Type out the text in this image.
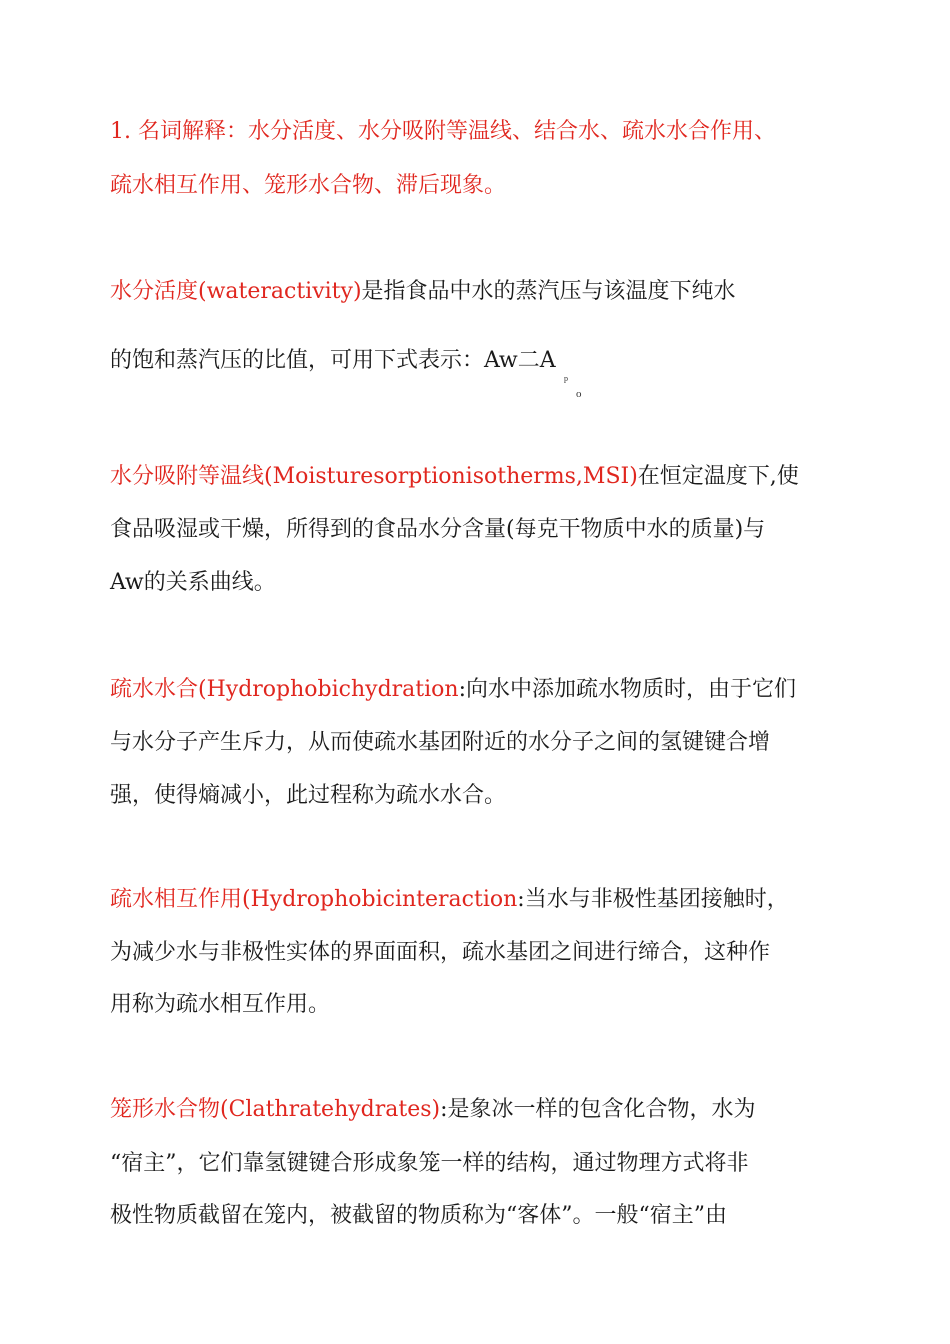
1. 名词解释：水分活度、水分吸附等温线、结合水、疏水水合作用、
疏水相互作用、笼形水合物、滞后现象。
水分活度(wateractivity)是指食品中水的蒸汽压与该温度下纯水
的饱和蒸汽压的比值，可用下式表示：Aw二A
p
o
水分吸附等温线(Moisturesorptionisotherms,MSI)在恒定温度下,使
食品吸湿或干燥，所得到的食品水分含量(每克干物质中水的质量)与
Aw的关系曲线。
疏水水合(Hydrophobichydration:向水中添加疏水物质时，由于它们
与水分子产生斥力，从而使疏水基团附近的水分子之间的氢键键合增
强，使得熵减小，此过程称为疏水水合。
疏水相互作用(Hydrophobicinteraction:当水与非极性基团接触时，
为减少水与非极性实体的界面面积，疏水基团之间进行缔合，这种作
用称为疏水相互作用。
笼形水合物(Clathratehydrates):是象冰一样的包含化合物，水为
“宿主”，它们靠氢键键合形成象笼一样的结构，通过物理方式将非
极性物质截留在笼内，被截留的物质称为“客体”。一般“宿主”由
